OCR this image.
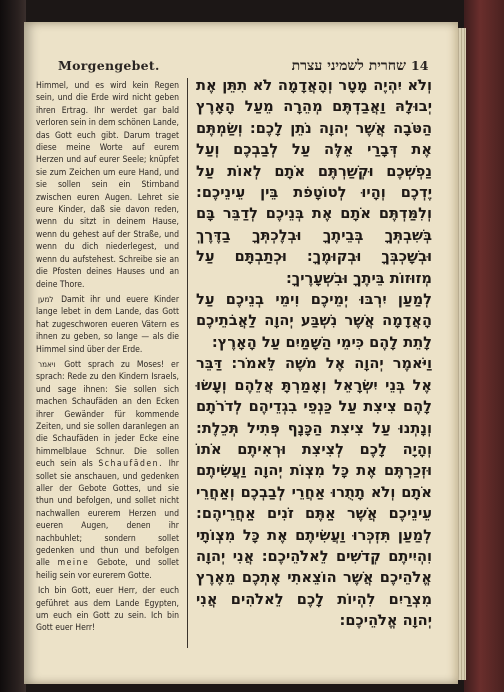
Morgengebet.	שחרית לשמיני עצרת 14

Himmel, und es wird kein Regen sein, und die Erde wird nicht geben ihren Ertrag. Ihr werdet gar bald verloren sein in dem schönen Lande, das Gott euch gibt. Darum traget diese meine Worte auf eurem Herzen und auf eurer Seele; knüpfet sie zum Zeichen um eure Hand, und sie sollen sein ein Stirnband zwischen euren Augen. Lehret sie eure Kinder, daß sie davon reden, wenn du sitzt in deinem Hause, wenn du gehest auf der Straße, und wenn du dich niederlegest, und wenn du aufstehest. Schreibe sie an die Pfosten deines Hauses und an deine Thore.

למען Damit ihr und euere Kinder lange lebet in dem Lande, das Gott hat zugeschworen eueren Vätern es ihnen zu geben, so lange — als die Himmel sind über der Erde.

ויאמר Gott sprach zu Moses! er sprach: Rede zu den Kindern Israels, und sage ihnen: Sie sollen sich machen Schaufäden an den Ecken ihrer Gewänder für kommende Zeiten, und sie sollen daranlegen an die Schaufäden in jeder Ecke eine himmelblaue Schnur. Die sollen euch sein als Schaufäden. Ihr sollet sie anschauen, und gedenken aller der Gebote Gottes, und sie thun und befolgen, und sollet nicht nachwallen eurerem Herzen und eueren Augen, denen ihr nachbuhlet; sondern sollet gedenken und thun und befolgen alle meine Gebote, und sollet heilig sein vor eurerem Gotte.

Ich bin Gott, euer Herr, der euch geführet aus dem Lande Egypten, um euch ein Gott zu sein. Ich bin Gott euer Herr!

וְלֹא יִהְיֶה מָטָר וְהָאֲדָמָה לֹא תִתֵּן אֶת יְבוּלָהּ וַאֲבַדְתֶּם מְהֵרָה מֵעַל הָאָרֶץ הַטֹּבָה אֲשֶׁר יְהוָה נֹתֵן לָכֶם: וְשַׂמְתֶּם אֶת דְּבָרַי אֵלֶּה עַל לְבַבְכֶם וְעַל נַפְשְׁכֶם וּקְשַׁרְתֶּם אֹתָם לְאוֹת עַל יֶדְכֶם וְהָיוּ לְטוֹטָפֹת בֵּין עֵינֵיכֶם: וְלִמַּדְתֶּם אֹתָם אֶת בְּנֵיכֶם לְדַבֵּר בָּם בְּשִׁבְתְּךָ בְּבֵיתֶךָ וּבְלֶכְתְּךָ בַדֶּרֶךְ וּבְשָׁכְבְּךָ וּבְקוּמֶךָ: וּכְתַבְתָּם עַל מְזוּזוֹת בֵּיתֶךָ וּבִשְׁעָרֶיךָ:

לְמַעַן יִרְבּוּ יְמֵיכֶם וִימֵי בְנֵיכֶם עַל הָאֲדָמָה אֲשֶׁר נִשְׁבַּע יְהוָה לַאֲבֹתֵיכֶם לָתֵת לָהֶם כִּימֵי הַשָּׁמַיִם עַל הָאָרֶץ:

וַיֹּאמֶר יְהוָה אֶל מֹשֶׁה לֵּאמֹר: דַּבֵּר אֶל בְּנֵי יִשְׂרָאֵל וְאָמַרְתָּ אֲלֵהֶם וְעָשׂוּ לָהֶם צִיצִת עַל כַּנְפֵי בִגְדֵיהֶם לְדֹרֹתָם וְנָתְנוּ עַל צִיצִת הַכָּנָף פְּתִיל תְּכֵלֶת: וְהָיָה לָכֶם לְצִיצִת וּרְאִיתֶם אֹתוֹ וּזְכַרְתֶּם אֶת כָּל מִצְוֹת יְהוָה וַעֲשִׂיתֶם אֹתָם וְלֹא תָתֻרוּ אַחֲרֵי לְבַבְכֶם וְאַחֲרֵי עֵינֵיכֶם אֲשֶׁר אַתֶּם זֹנִים אַחֲרֵיהֶם: לְמַעַן תִּזְכְּרוּ וַעֲשִׂיתֶם אֶת כָּל מִצְוֹתָי וִהְיִיתֶם קְדֹשִׁים לֵאלֹהֵיכֶם: אֲנִי יְהוָה אֱלֹהֵיכֶם אֲשֶׁר הוֹצֵאתִי אֶתְכֶם מֵאֶרֶץ מִצְרַיִם לִהְיוֹת לָכֶם לֵאלֹהִים אֲנִי יְהוָה אֱלֹהֵיכֶם:
